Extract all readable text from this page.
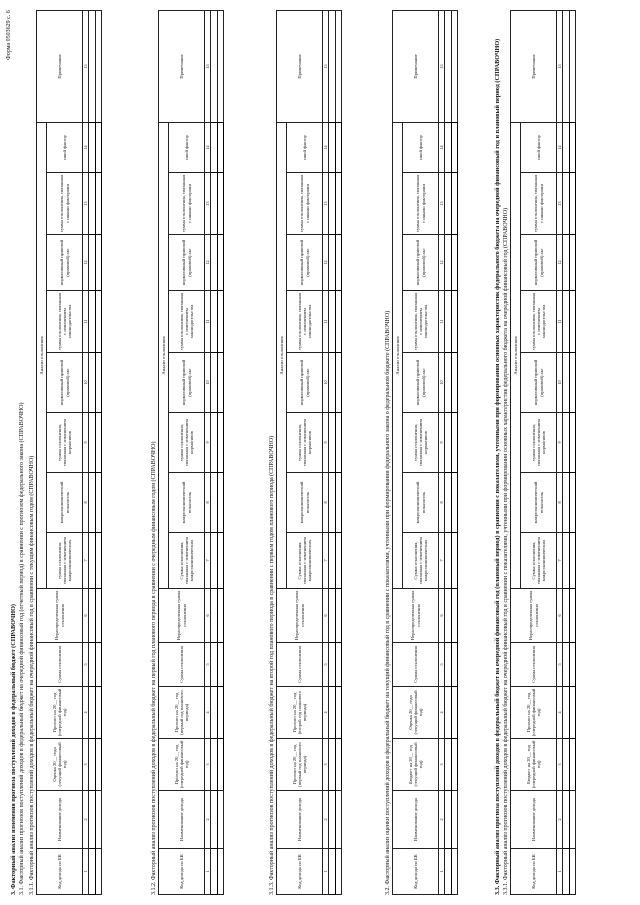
Форма 0503629 с. 6
3. Факторный анализ изменения прогноза поступлений доходов в федеральный бюджет (СПРАВОЧНО) 3.1. Факторный анализ прогнозов поступлений доходов в федеральный бюджет на очередной финансовый год (отчетный период) в сравнении с прогнозом федерального закона (СПРАВОЧНО) 3.1.1. Факторный анализ прогнозов поступлений доходов в федеральный бюджет на очередной финансовый год в сравнении с текущим финансовым годом (СПРАВОЧНО)	Код дохода по БК	Наименование дохода	Оценка 20__ года (текущий финансовый год)	Прогноз на 20__ год (очередной финансовый год)	Сумма отклонения	Нераспределенная сумма отклонения	Анализ отклонения								Примечание
						сумма отклонения, связанная с изменением макроэкономических	макроэкономический показатель	сумма отклонения, связанная с изменением нормативов	нормативный правовой (правовой) акт	сумма отклонения, связанная с изменением законодательства	нормативный правовой (правовой) акт	сумма отклонения, связанная с иными факторами	иной фактор	
1	2	3	4	5	6	7	8	9	10	11	12	13	14	15

3.1.2. Факторный анализ прогнозов поступлений доходов в федеральный бюджет на первый год планового периода в сравнении с очередным финансовым годом (СПРАВОЧНО)	Код дохода по БК	Наименование дохода	Прогноз на 20__ год (очередной финансовый год)	Прогноз на 20__ год (первый год планового периода)	Сумма отклонения	Нераспределенная сумма отклонения	Анализ отклонения								Примечание
						Сумма отклонения, связанная с изменением макроэкономических	макроэкономический показатель	сумма отклонения, связанная с изменением нормативов	нормативный правовой (правовой) акт	сумма отклонения, связанная с изменением законодательства	нормативный правовой (правовой) акт	сумма отклонения, связанная с иными факторами	иной фактор	
1	2	3	4	5	6	7	8	9	10	11	12	13	14	15

3.1.3. Факторный анализ прогнозов поступлений доходов в федеральный бюджет на второй год планового периода в сравнении с первым годом планового периода (СПРАВОЧНО)	Код дохода по БК	Наименование дохода	Прогноз на 20__ год (первый год планового периода)	Прогноз на 20__ год (второй год планового периода)	Сумма отклонения	Нераспределенная сумма отклонения	Анализ отклонения								Примечание
						Сумма отклонения, связанная с изменением макроэкономических	макроэкономический показатель	сумма отклонения, связанная с изменением нормативов	нормативный правовой (правовой) акт	сумма отклонения, связанная с изменением законодательства	нормативный правовой (правовой) акт	сумма отклонения, связанная с иными факторами	иной фактор	
1	2	3	4	5	6	7	8	9	10	11	12	13	14	15

3.2. Факторный анализ оценки поступлений доходов в федеральный бюджет на текущий финансовый год в сравнении с показателями, учтенными при формировании федерального закона о федеральном бюджете (СПРАВОЧНО)	Код дохода по БК	Наименование дохода	Бюджет на 20__ год (текущий финансовый год)	Оценка 20__ года (текущий финансовый год)	Сумма отклонения	Нераспределенная сумма отклонения	Анализ отклонения								Примечание
						Сумма отклонения, связанная с изменением макроэкономических	макроэкономический показатель	сумма отклонения, связанная с изменением нормативов	нормативный правовой (правовой) акт	сумма отклонения, связанная с изменением законодательства	нормативный правовой (правовой) акт	сумма отклонения, связанная с иными факторами	иной фактор	
1	2	3	4	5	6	7	8	9	10	11	12	13	14	15

															3.3. Факторный анализ прогноза поступлений доходов в федеральный бюджет на очередной финансовый год (плановый период) в сравнении с показателями, учтенными при формировании основных характеристик федерального бюджета на очередной финансовый год и плановый период (СПРАВОЧНО) 3.3.1. Факторный анализ прогнозов поступлений доходов в федеральный бюджет на очередной финансовый год в сравнении с показателями, учтенными при формировании основных характеристик федерального бюджета на очередной финансовый год (СПРАВОЧНО)	Код дохода по БК	Наименование дохода	Бюджет на 20__ год (очередной финансовый год)	Прогноз на 20__ год (очередной финансовый год)	Сумма отклонения	Нераспределенная сумма отклонения	Анализ отклонения								Примечание
						Сумма отклонения, связанная с изменением макроэкономических	макроэкономический показатель	сумма отклонения, связанная с изменением нормативов	нормативный правовой (правовой) акт	сумма отклонения, связанная с изменением законодательства	нормативный правовой (правовой) акт	сумма отклонения, связанная с иными факторами	иной фактор	
1	2	3	4	5	6	7	8	9	10	11	12	13	14	15
